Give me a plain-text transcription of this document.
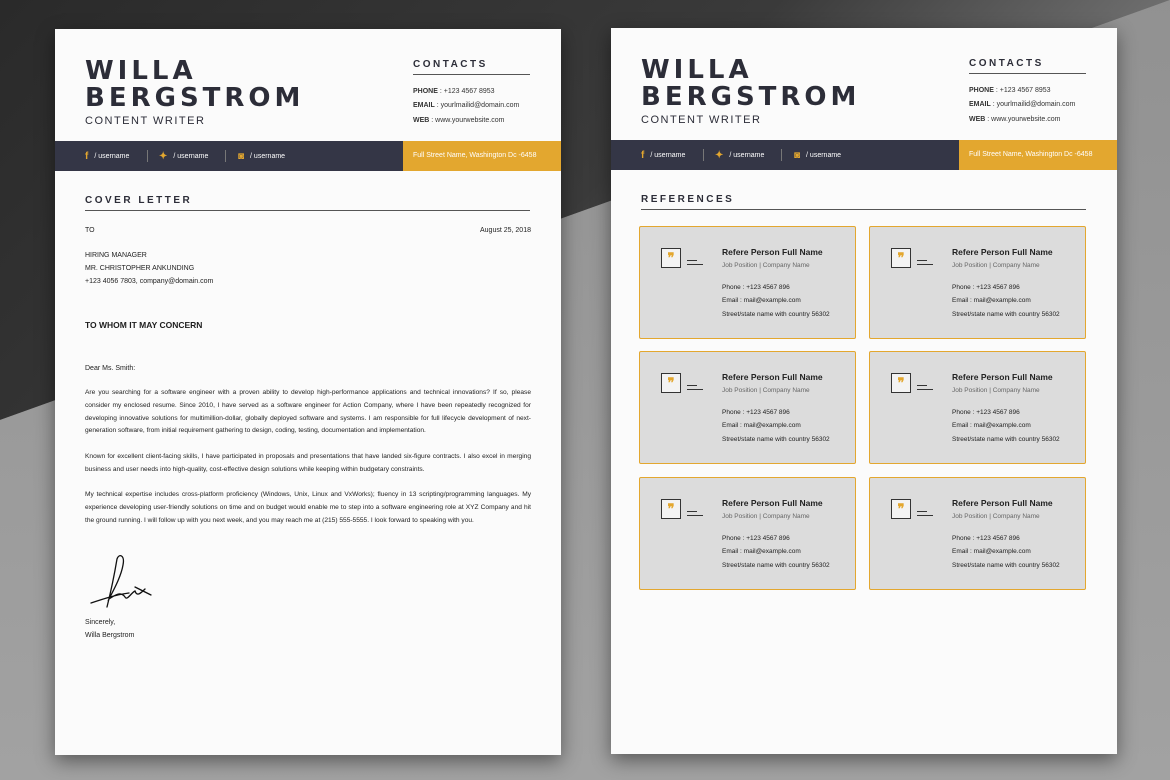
WILLA
BERGSTROM
CONTENT WRITER
CONTACTS
PHONE : +123 4567 8953
EMAIL : yourlmailid@domain.com
WEB : www.yourwebsite.com
f / username	✦ / username	◙ / username	Full Street Name, Washington Dc -6458
COVER LETTER
TO	August 25, 2018
HIRING MANAGER
MR. CHRISTOPHER ANKUNDING
+123 4056 7803, company@domain.com
TO WHOM IT MAY CONCERN
Dear Ms. Smith:
Are you searching for a software engineer with a proven ability to develop high-performance applications and technical innovations? If so, please consider my enclosed resume. Since 2010, I have served as a software engineer for Action Company, where I have been repeatedly recognized for developing innovative solutions for multimillion-dollar, globally deployed software and systems. I am responsible for full lifecycle development of next-generation software, from initial requirement gathering to design, coding, testing, documentation and implementation.
Known for excellent client-facing skills, I have participated in proposals and presentations that have landed six-figure contracts. I also excel in merging business and user needs into high-quality, cost-effective design solutions while keeping within budgetary constraints.
My technical expertise includes cross-platform proficiency (Windows, Unix, Linux and VxWorks); fluency in 13 scripting/programming languages. My experience developing user-friendly solutions on time and on budget would enable me to step into a software engineering role at XYZ Company and hit the ground running. I will follow up with you next week, and you may reach me at (215) 555-5555. I look forward to speaking with you.
Sincerely,
Willa Bergstrom
WILLA
BERGSTROM
CONTENT WRITER
CONTACTS
PHONE : +123 4567 8953
EMAIL : yourlmailid@domain.com
WEB : www.yourwebsite.com
f / username	✦ / username	◙ / username	Full Street Name, Washington Dc -6458
REFERENCES
❞	Refere Person Full Name
Job Position | Company Name
Phone : +123 4567 896
Email : mail@example.com
Street/state name with country 56302
❞	Refere Person Full Name
Job Position | Company Name
Phone : +123 4567 896
Email : mail@example.com
Street/state name with country 56302
❞	Refere Person Full Name
Job Position | Company Name
Phone : +123 4567 896
Email : mail@example.com
Street/state name with country 56302
❞	Refere Person Full Name
Job Position | Company Name
Phone : +123 4567 896
Email : mail@example.com
Street/state name with country 56302
❞	Refere Person Full Name
Job Position | Company Name
Phone : +123 4567 896
Email : mail@example.com
Street/state name with country 56302
❞	Refere Person Full Name
Job Position | Company Name
Phone : +123 4567 896
Email : mail@example.com
Street/state name with country 56302
